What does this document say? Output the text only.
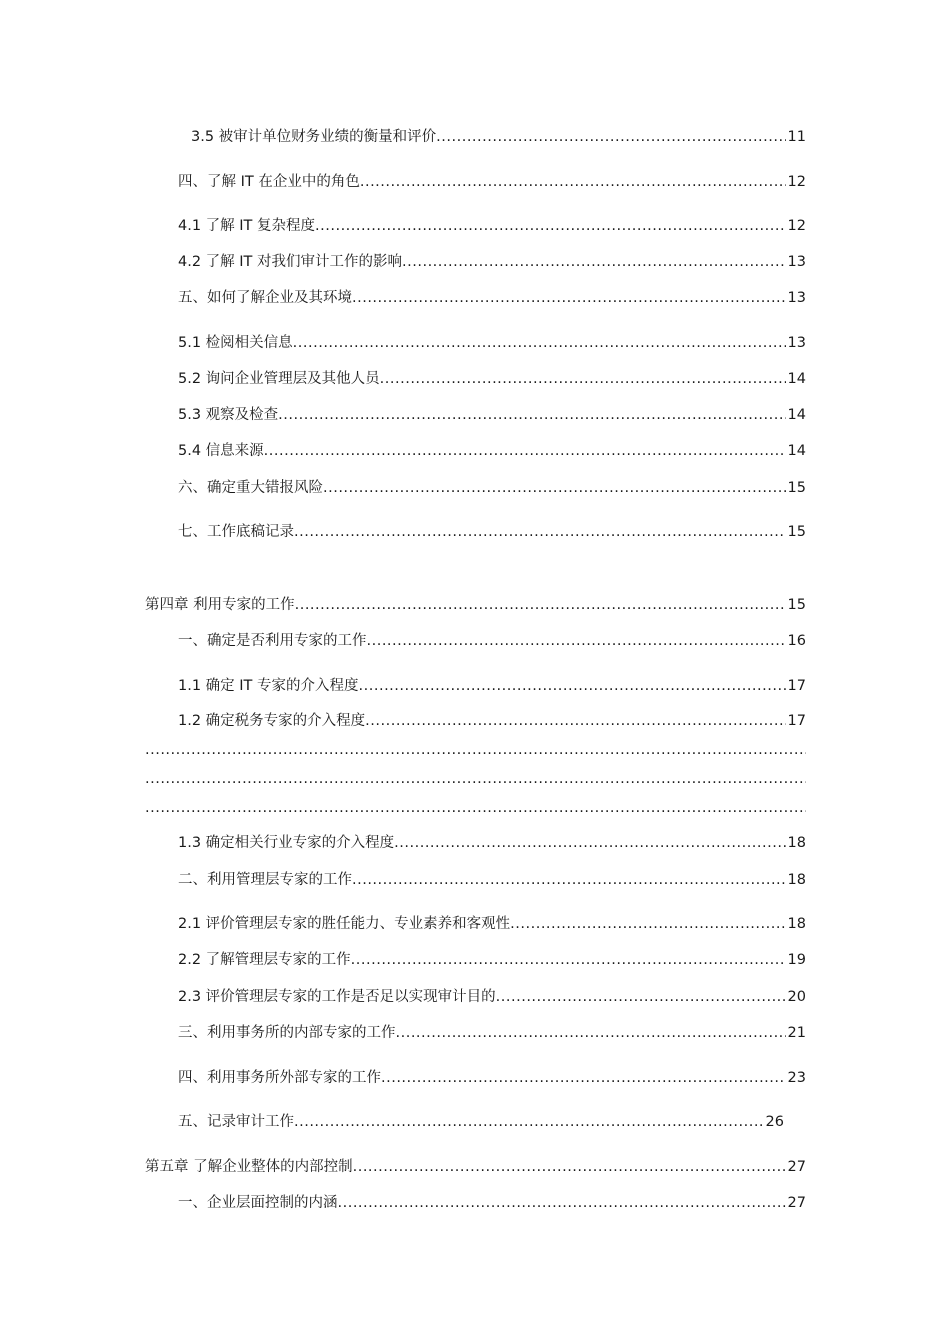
3.5 被审计单位财务业绩的衡量和评价 .....	11
四、了解 IT 在企业中的角色 .....	12
4.1 了解 IT 复杂程度 .....	12
4.2 了解 IT 对我们审计工作的影响 .....	13
五、如何了解企业及其环境 .....	13
5.1 检阅相关信息 .....	13
5.2 询问企业管理层及其他人员 .....	14
5.3 观察及检查 .....	14
5.4 信息来源 .....	14
六、确定重大错报风险 .....	15
七、工作底稿记录 .....	15
第四章 利用专家的工作 .....	15
一、确定是否利用专家的工作 .....	16
1.1 确定 IT 专家的介入程度 .....	17
1.2 确定税务专家的介入程度 .....	17
.....
.....
.....
1.3 确定相关行业专家的介入程度 .....	18
二、利用管理层专家的工作 .....	18
2.1 评价管理层专家的胜任能力、专业素养和客观性 .....	18
2.2 了解管理层专家的工作 .....	19
2.3 评价管理层专家的工作是否足以实现审计目的 .....	20
三、利用事务所的内部专家的工作 .....	21
四、利用事务所外部专家的工作 .....	23
五、记录审计工作 .....	26
第五章 了解企业整体的内部控制 .....	27
一、企业层面控制的内涵 .....	27
